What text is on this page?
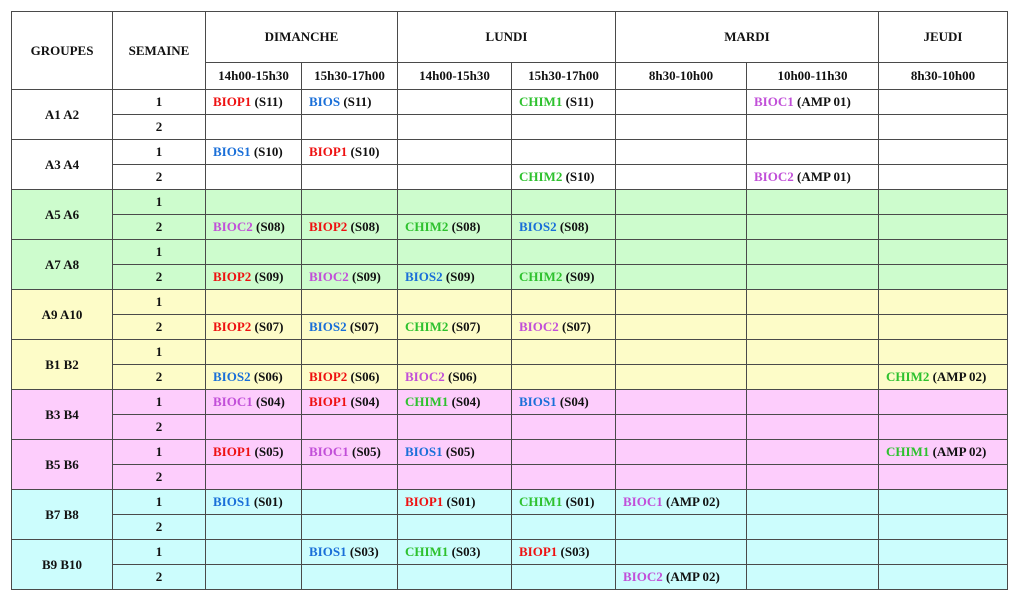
GROUPES	SEMAINE	DIMANCHE		LUNDI		MARDI		JEUDI
		14h00-15h30	15h30-17h00	14h00-15h30	15h30-17h00	8h30-10h00	10h00-11h30	8h30-10h00
A1 A2	1	BIOP1 (S11)	BIOS (S11)		CHIM1 (S11)		BIOC1 (AMP 01)	
	2							
A3 A4	1	BIOS1 (S10)	BIOP1 (S10)					
	2				CHIM2 (S10)		BIOC2 (AMP 01)	
A5 A6	1							
	2	BIOC2 (S08)	BIOP2 (S08)	CHIM2 (S08)	BIOS2 (S08)			
A7 A8	1							
	2	BIOP2 (S09)	BIOC2 (S09)	BIOS2 (S09)	CHIM2 (S09)			
A9 A10	1							
	2	BIOP2 (S07)	BIOS2 (S07)	CHIM2 (S07)	BIOC2 (S07)			
B1 B2	1							
	2	BIOS2 (S06)	BIOP2 (S06)	BIOC2 (S06)				CHIM2 (AMP 02)
B3 B4	1	BIOC1 (S04)	BIOP1 (S04)	CHIM1 (S04)	BIOS1 (S04)			
	2							
B5 B6	1	BIOP1 (S05)	BIOC1 (S05)	BIOS1 (S05)				CHIM1 (AMP 02)
	2							
B7 B8	1	BIOS1 (S01)		BIOP1 (S01)	CHIM1 (S01)	BIOC1 (AMP 02)		
	2							
B9 B10	1		BIOS1 (S03)	CHIM1 (S03)	BIOP1 (S03)			
	2					BIOC2 (AMP 02)		
